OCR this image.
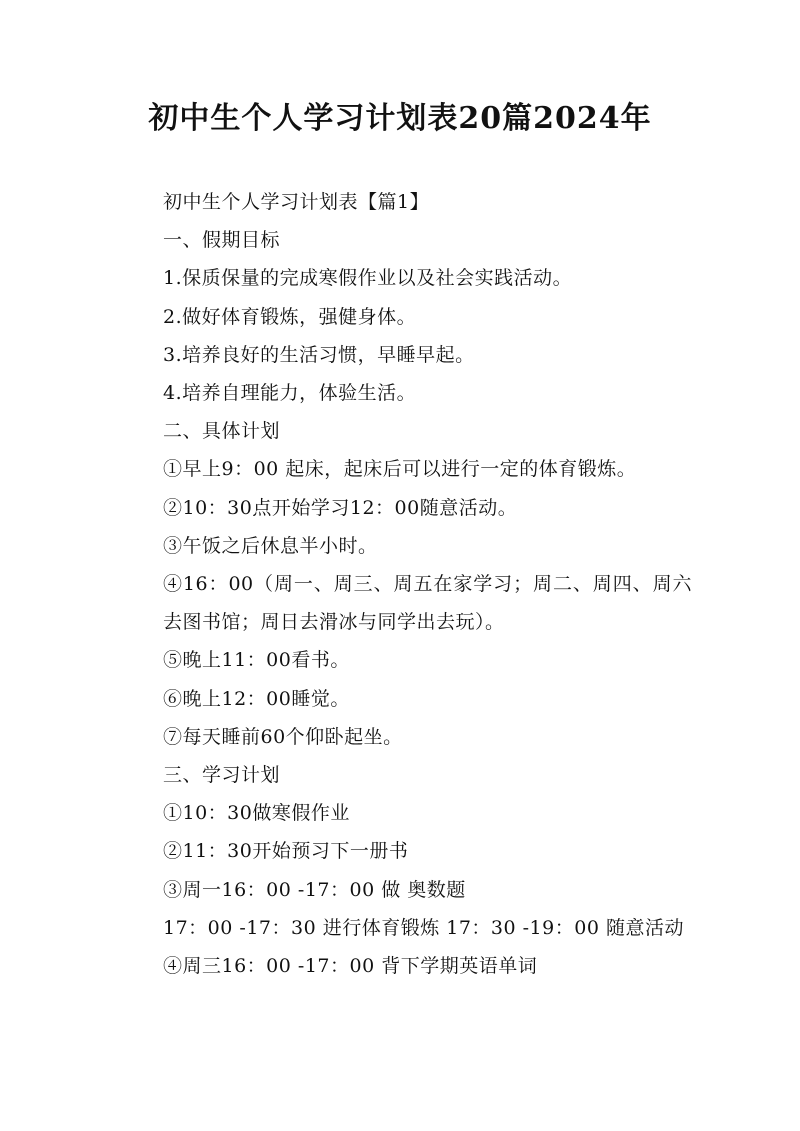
初中生个人学习计划表20篇2024年

初中生个人学习计划表【篇1】

一、假期目标

1.保质保量的完成寒假作业以及社会实践活动。

2.做好体育锻炼，强健身体。

3.培养良好的生活习惯，早睡早起。

4.培养自理能力，体验生活。

二、具体计划

①早上9：00 起床，起床后可以进行一定的体育锻炼。

②10：30点开始学习12：00随意活动。

③午饭之后休息半小时。

④16：00（周一、周三、周五在家学习；周二、周四、周六去图书馆；周日去滑冰与同学出去玩）。

⑤晚上11：00看书。

⑥晚上12：00睡觉。

⑦每天睡前60个仰卧起坐。

三、学习计划

①10：30做寒假作业

②11：30开始预习下一册书

③周一16：00 -17：00 做 奥数题

17：00 -17：30 进行体育锻炼 17：30 -19：00 随意活动

④周三16：00 -17：00 背下学期英语单词
